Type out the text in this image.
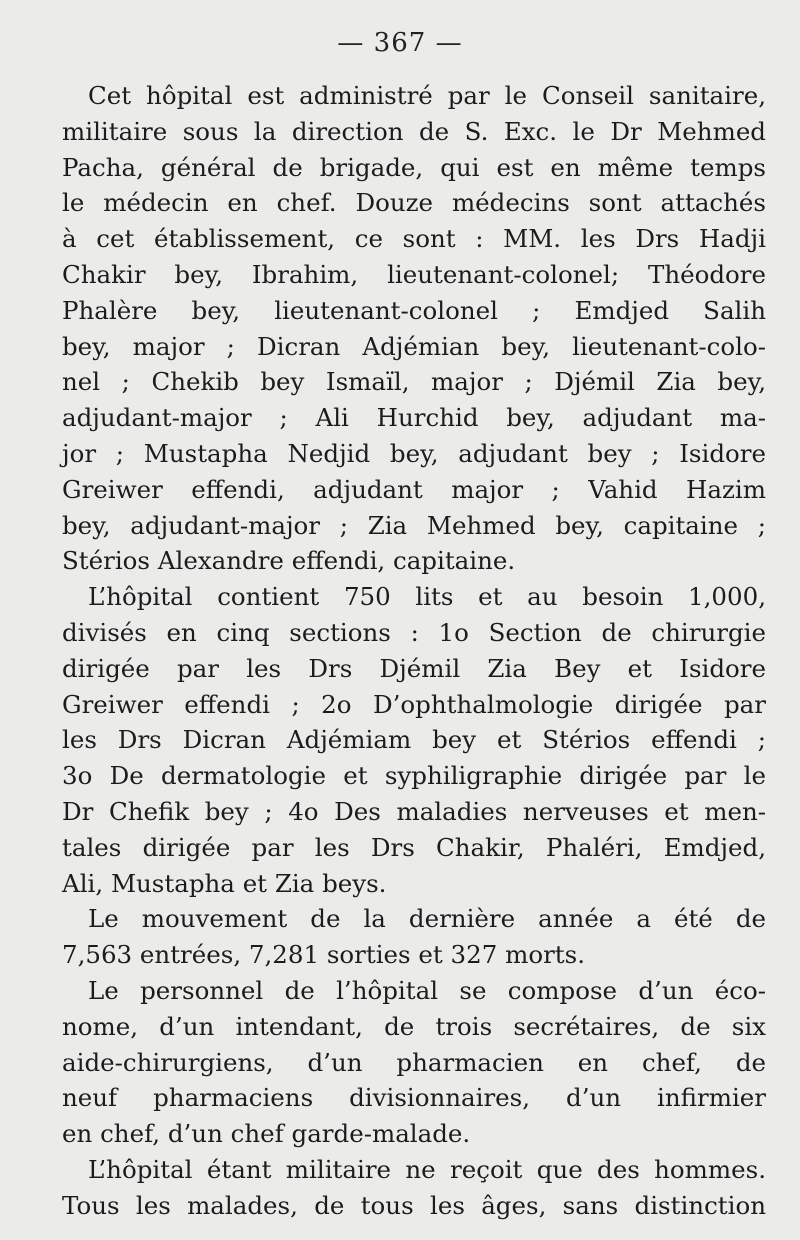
— 367 —
Cet hôpital est administré par le Conseil sanitaire,
militaire sous la direction de S. Exc. le Dr Mehmed
Pacha, général de brigade, qui est en même temps
le médecin en chef. Douze médecins sont attachés
à cet établissement, ce sont : MM. les Drs Hadji
Chakir bey, Ibrahim, lieutenant-colonel; Théodore
Phalère bey, lieutenant-colonel ; Emdjed Salih
bey, major ; Dicran Adjémian bey, lieutenant-colo-
nel ; Chekib bey Ismaïl, major ; Djémil Zia bey,
adjudant-major ; Ali Hurchid bey, adjudant ma-
jor ; Mustapha Nedjid bey, adjudant bey ; Isidore
Greiwer effendi, adjudant major ; Vahid Hazim
bey, adjudant-major ; Zia Mehmed bey, capitaine ;
Stérios Alexandre effendi, capitaine.
L’hôpital contient 750 lits et au besoin 1,000,
divisés en cinq sections : 1o Section de chirurgie
dirigée par les Drs Djémil Zia Bey et Isidore
Greiwer effendi ; 2o D’ophthalmologie dirigée par
les Drs Dicran Adjémiam bey et Stérios effendi ;
3o De dermatologie et syphiligraphie dirigée par le
Dr Chefik bey ; 4o Des maladies nerveuses et men-
tales dirigée par les Drs Chakir, Phaléri, Emdjed,
Ali, Mustapha et Zia beys.
Le mouvement de la dernière année a été de
7,563 entrées, 7,281 sorties et 327 morts.
Le personnel de l’hôpital se compose d’un éco-
nome, d’un intendant, de trois secrétaires, de six
aide-chirurgiens, d’un pharmacien en chef, de
neuf pharmaciens divisionnaires, d’un infirmier
en chef, d’un chef garde-malade.
L’hôpital étant militaire ne reçoit que des hommes.
Tous les malades, de tous les âges, sans distinction
